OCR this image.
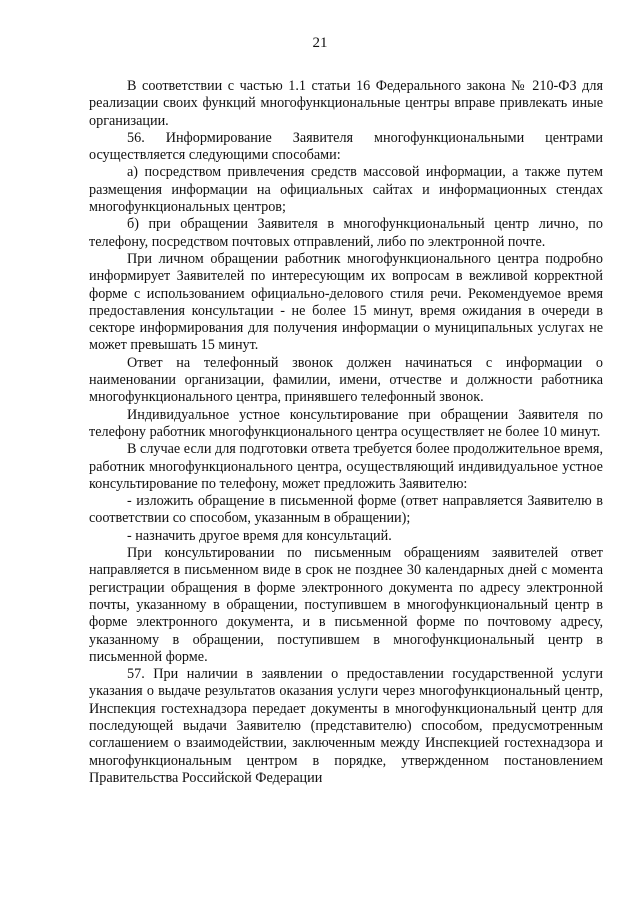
21

В соответствии с частью 1.1 статьи 16 Федерального закона № 210-ФЗ для реализации своих функций многофункциональные центры вправе привлекать иные организации.

56. Информирование Заявителя многофункциональными центрами осуществляется следующими способами:

а) посредством привлечения средств массовой информации, а также путем размещения информации на официальных сайтах и информационных стендах многофункциональных центров;

б) при обращении Заявителя в многофункциональный центр лично, по телефону, посредством почтовых отправлений, либо по электронной почте.

При личном обращении работник многофункционального центра подробно информирует Заявителей по интересующим их вопросам в вежливой корректной форме с использованием официально-делового стиля речи. Рекомендуемое время предоставления консультации - не более 15 минут, время ожидания в очереди в секторе информирования для получения информации о муниципальных услугах не может превышать 15 минут.

Ответ на телефонный звонок должен начинаться с информации о наименовании организации, фамилии, имени, отчестве и должности работника многофункционального центра, принявшего телефонный звонок.

Индивидуальное устное консультирование при обращении Заявителя по телефону работник многофункционального центра осуществляет не более 10 минут.

В случае если для подготовки ответа требуется более продолжительное время, работник многофункционального центра, осуществляющий индивидуальное устное консультирование по телефону, может предложить Заявителю:

- изложить обращение в письменной форме (ответ направляется Заявителю в соответствии со способом, указанным в обращении);

- назначить другое время для консультаций.

При консультировании по письменным обращениям заявителей ответ направляется в письменном виде в срок не позднее 30 календарных дней с момента регистрации обращения в форме электронного документа по адресу электронной почты, указанному в обращении, поступившем в многофункциональный центр в форме электронного документа, и в письменной форме по почтовому адресу, указанному в обращении, поступившем в многофункциональный центр в письменной форме.

57. При наличии в заявлении о предоставлении государственной услуги указания о выдаче результатов оказания услуги через многофункциональный центр, Инспекция гостехнадзора передает документы в многофункциональный центр для последующей выдачи Заявителю (представителю) способом, предусмотренным соглашением о взаимодействии, заключенным между Инспекцией гостехнадзора и многофункциональным центром в порядке, утвержденном постановлением Правительства Российской Федерации
